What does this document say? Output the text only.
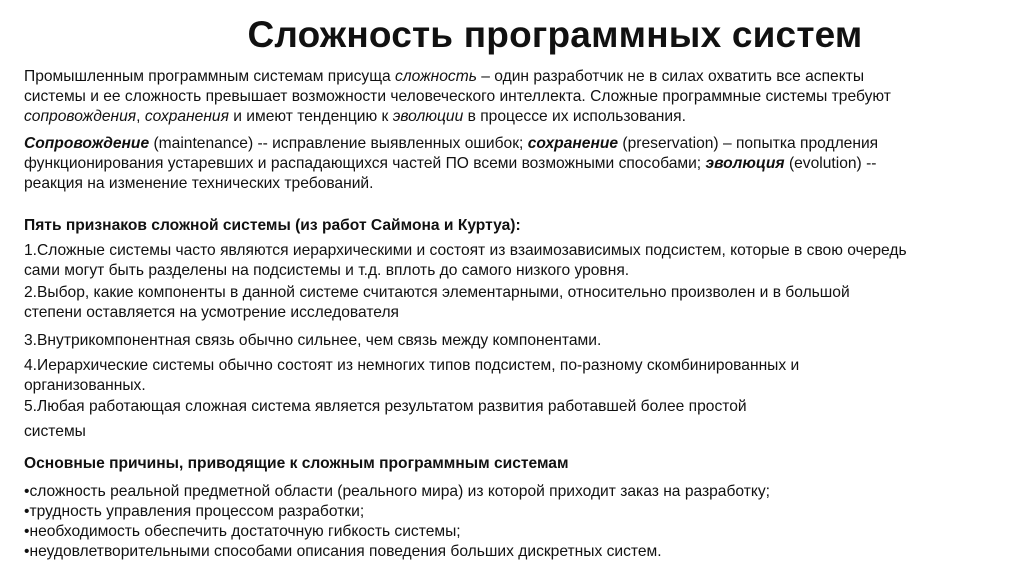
Сложность программных систем
Промышленным программным системам присуща сложность – один разработчик не в силах охватить все аспекты
системы и ее сложность превышает возможности человеческого интеллекта. Сложные программные системы требуют
сопровождения, сохранения и имеют тенденцию к эволюции в процессе их использования.
Сопровождение (maintenance) -- исправление выявленных ошибок; сохранение (preservation) – попытка продления
функционирования устаревших и распадающихся частей ПО всеми возможными способами; эволюция (evolution) --
реакция на изменение технических требований.
Пять признаков сложной системы (из работ Саймона и Куртуа):
1.Сложные системы часто являются иерархическими и состоят из взаимозависимых подсистем, которые в свою очередь
сами могут быть разделены на подсистемы и т.д. вплоть до самого низкого уровня.
2.Выбор, какие компоненты в данной системе считаются элементарными, относительно произволен и в большой
степени оставляется на усмотрение исследователя
3.Внутрикомпонентная связь обычно сильнее, чем связь между компонентами.
4.Иерархические системы обычно состоят из немногих типов подсистем, по-разному скомбинированных и
организованных.
5.Любая работающая сложная система является результатом развития работавшей более простой
системы
Основные причины, приводящие к сложным программным системам
•сложность реальной предметной области (реального мира) из которой приходит заказ на разработку;
•трудность управления процессом разработки;
•необходимость обеспечить достаточную гибкость системы;
•неудовлетворительными способами описания поведения больших дискретных систем.
